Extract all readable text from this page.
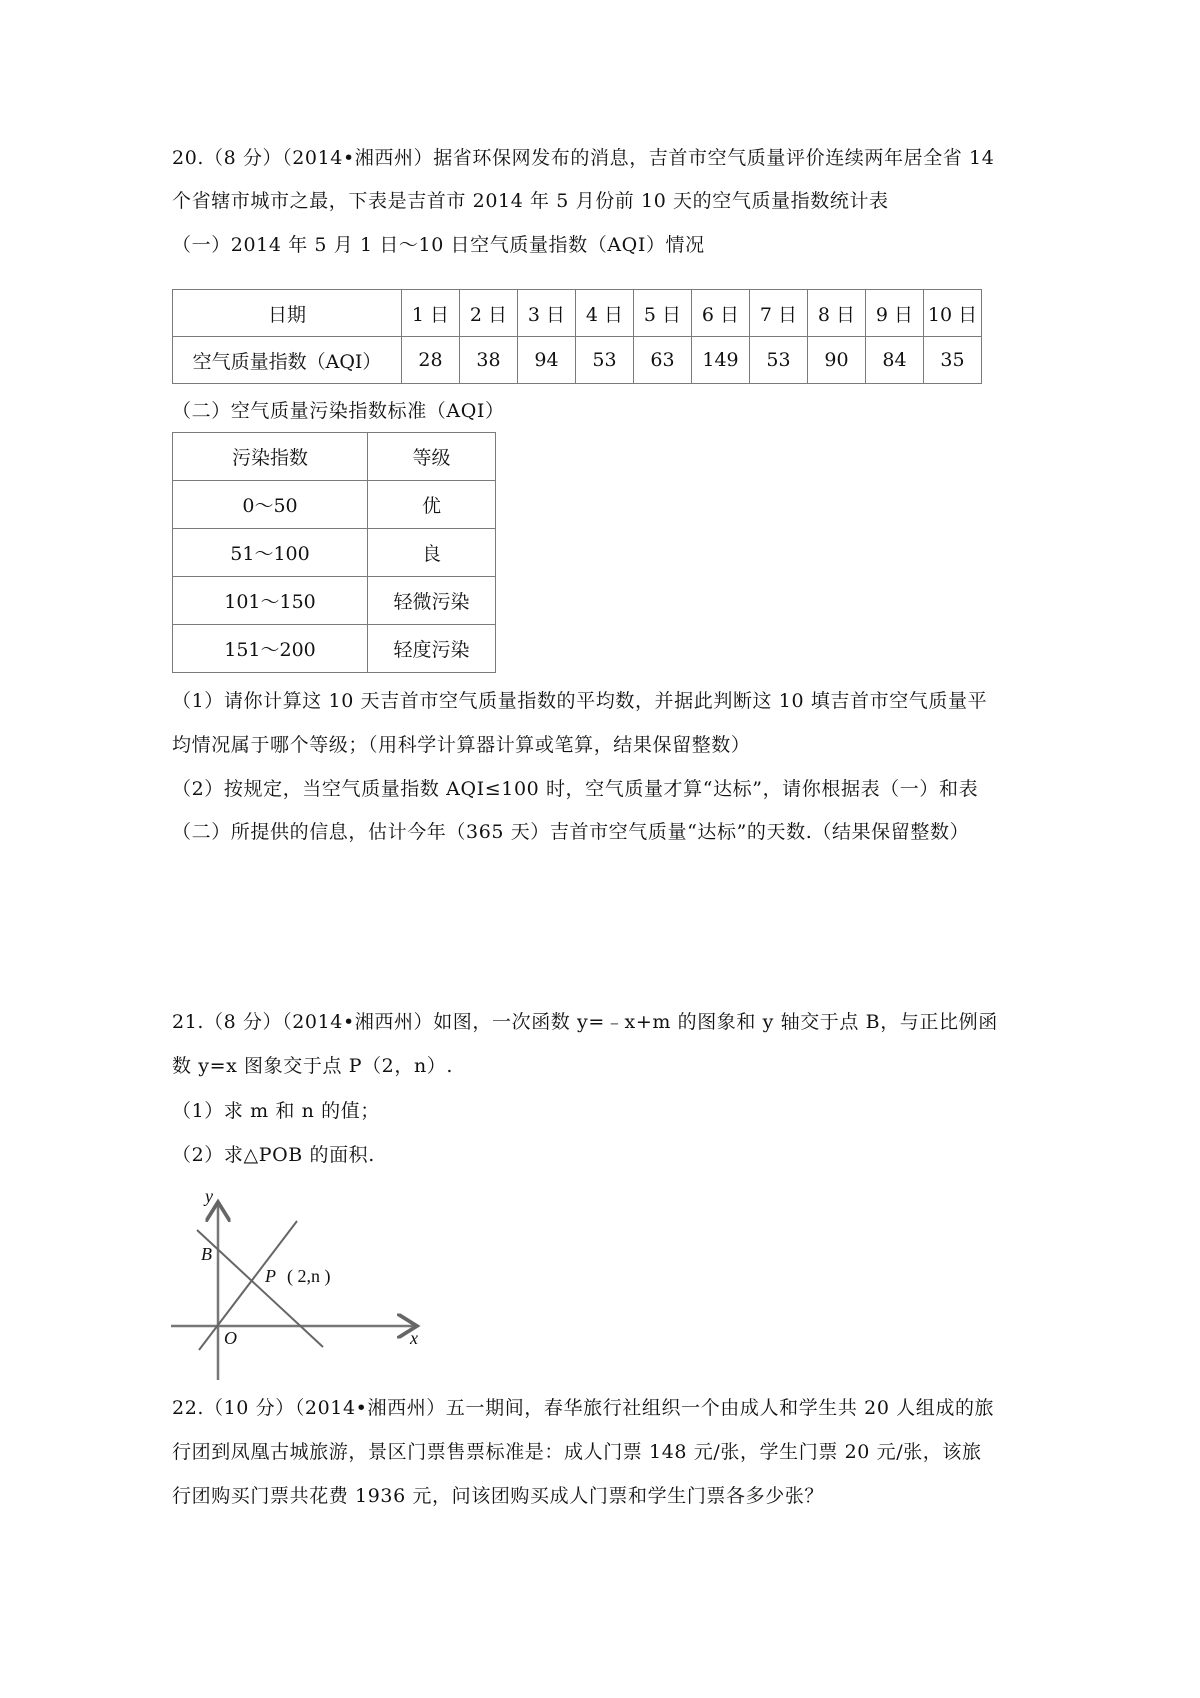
20.（8 分）（2014•湘西州）据省环保网发布的消息，吉首市空气质量评价连续两年居全省 14
个省辖市城市之最，下表是吉首市 2014 年 5 月份前 10 天的空气质量指数统计表
（一）2014 年 5 月 1 日～10 日空气质量指数（AQI）情况
日期	1 日	2 日	3 日	4 日	5 日	6 日	7 日	8 日	9 日	10 日
空气质量指数（AQI）	28	38	94	53	63	149	53	90	84	35
（二）空气质量污染指数标准（AQI）
污染指数	等级
0～50	优
51～100	良
101～150	轻微污染
151～200	轻度污染
（1）请你计算这 10 天吉首市空气质量指数的平均数，并据此判断这 10 填吉首市空气质量平
均情况属于哪个等级；（用科学计算器计算或笔算，结果保留整数）
（2）按规定，当空气质量指数 AQI≤100 时，空气质量才算“达标”，请你根据表（一）和表
（二）所提供的信息，估计今年（365 天）吉首市空气质量“达标”的天数.（结果保留整数）
21.（8 分）（2014•湘西州）如图，一次函数 y=﹣x+m 的图象和 y 轴交于点 B，与正比例函
数 y=x 图象交于点 P（2，n）.
（1）求 m 和 n 的值；
（2）求△POB 的面积.
y
x
O
B
P ( 2,n )
22.（10 分）（2014•湘西州）五一期间，春华旅行社组织一个由成人和学生共 20 人组成的旅
行团到凤凰古城旅游，景区门票售票标准是：成人门票 148 元/张，学生门票 20 元/张，该旅
行团购买门票共花费 1936 元，问该团购买成人门票和学生门票各多少张？
